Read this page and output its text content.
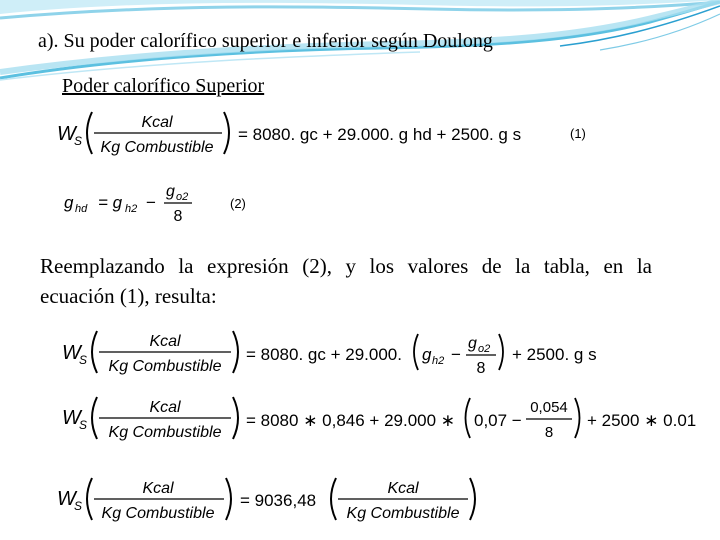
a). Su poder calorífico superior e inferior según Doulong
Poder calorífico Superior
W
S
Kcal
Kg Combustible
= 8080. gc + 29.000. g hd + 2500. g s	(1)
g hd = g h2 −
g o2
8
(2)
W
S
Kcal
Kg Combustible
= 8080. gc + 29.000. g h2 −
g o2
8
+ 2500. g s
W
S
Kcal
Kg Combustible
= 8080 ∗ 0,846 + 29.000 ∗ 0,07 −
0,054
8
+ 2500 ∗ 0.01
W
S
Kcal
Kg Combustible
= 9036,48
Kcal
Kg Combustible
Reemplazando la expresión (2), y los valores de la tabla, en la
ecuación (1), resulta:
